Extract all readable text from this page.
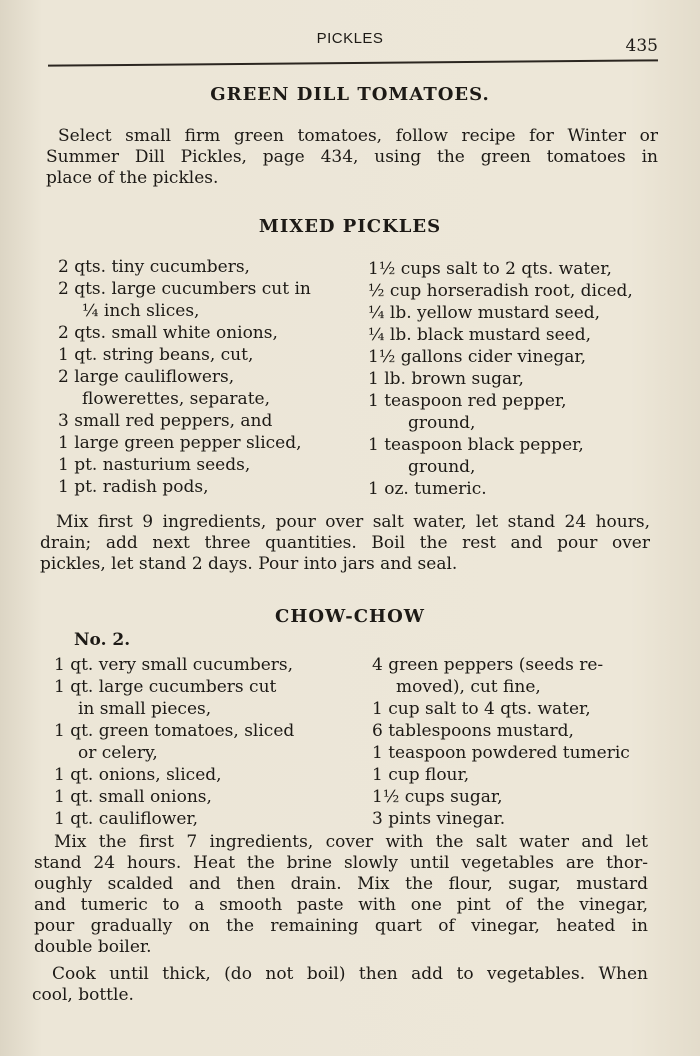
PICKLES	435
GREEN DILL TOMATOES.
Select small firm green tomatoes, follow recipe for Winter or
Summer Dill Pickles, page 434, using the green tomatoes in
place of the pickles.
MIXED PICKLES
2 qts. tiny cucumbers,
2 qts. large cucumbers cut in
¼ inch slices,
2 qts. small white onions,
1 qt. string beans, cut,
2 large cauliflowers,
flowerettes, separate,
3 small red peppers, and
1 large green pepper sliced,
1 pt. nasturium seeds,
1 pt. radish pods,
1½ cups salt to 2 qts. water,
½ cup horseradish root, diced,
¼ lb. yellow mustard seed,
¼ lb. black mustard seed,
1½ gallons cider vinegar,
1 lb. brown sugar,
1 teaspoon red pepper,
ground,
1 teaspoon black pepper,
ground,
1 oz. tumeric.
Mix first 9 ingredients, pour over salt water, let stand 24 hours,
drain; add next three quantities. Boil the rest and pour over
pickles, let stand 2 days. Pour into jars and seal.
CHOW-CHOW
No. 2.
1 qt. very small cucumbers,
1 qt. large cucumbers cut
in small pieces,
1 qt. green tomatoes, sliced
or celery,
1 qt. onions, sliced,
1 qt. small onions,
1 qt. cauliflower,
4 green peppers (seeds re-
moved), cut fine,
1 cup salt to 4 qts. water,
6 tablespoons mustard,
1 teaspoon powdered tumeric
1 cup flour,
1½ cups sugar,
3 pints vinegar.
Mix the first 7 ingredients, cover with the salt water and let
stand 24 hours. Heat the brine slowly until vegetables are thor-
oughly scalded and then drain. Mix the flour, sugar, mustard
and tumeric to a smooth paste with one pint of the vinegar,
pour gradually on the remaining quart of vinegar, heated in
double boiler.
Cook until thick, (do not boil) then add to vegetables. When
cool, bottle.
